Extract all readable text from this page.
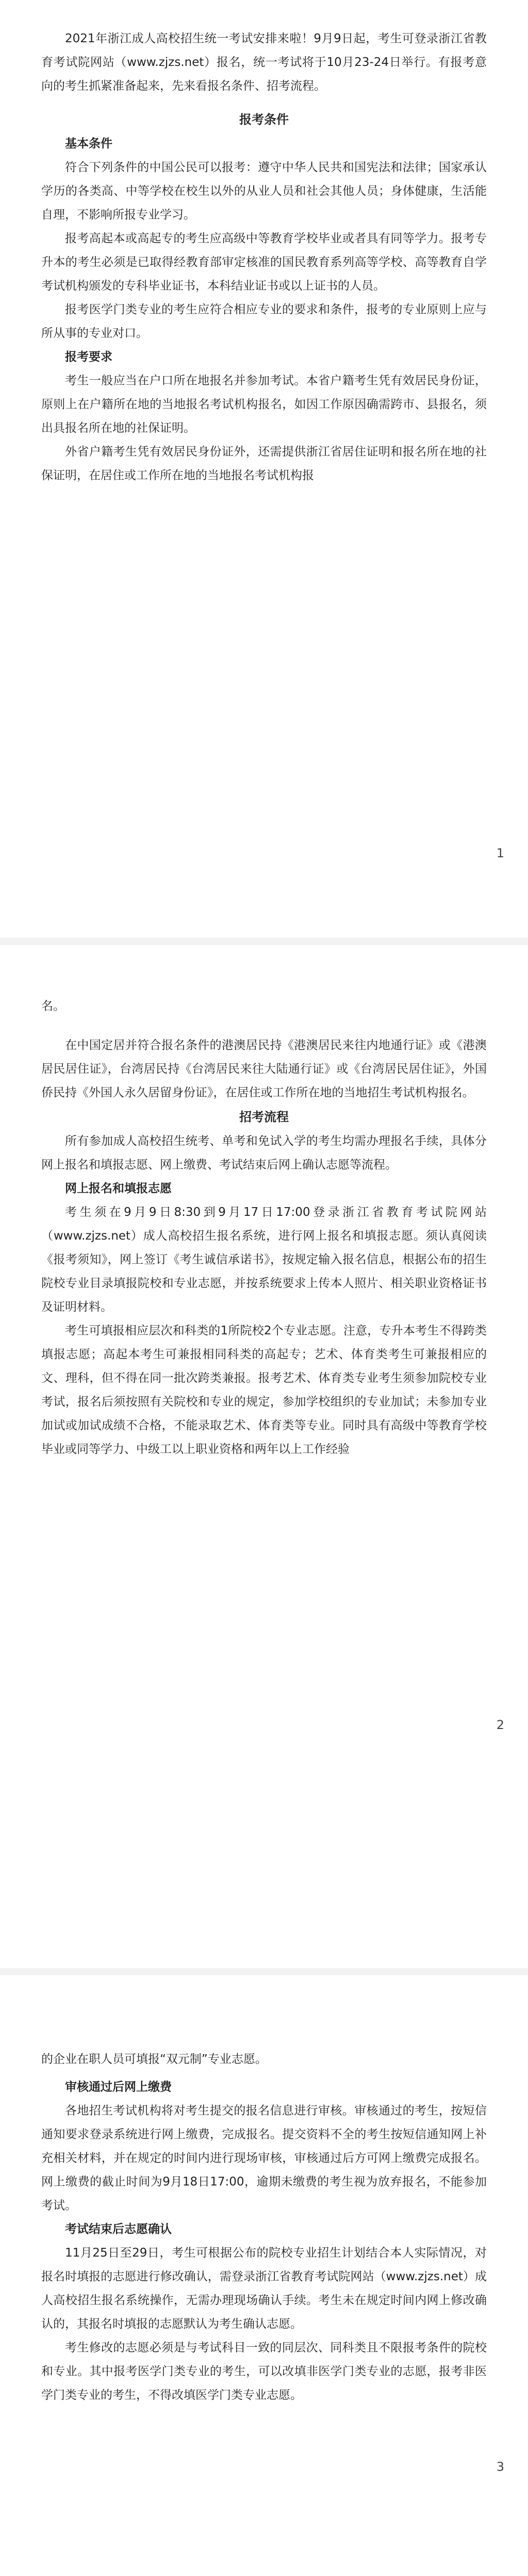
2021年浙江成人高校招生统一考试安排来啦！9月9日起，考生可登录浙江省教育考试院网站（www.zjzs.net）报名，统一考试将于10月23-24日举行。有报考意向的考生抓紧准备起来，先来看报名条件、招考流程。

报考条件

基本条件

符合下列条件的中国公民可以报考：遵守中华人民共和国宪法和法律；国家承认学历的各类高、中等学校在校生以外的从业人员和社会其他人员；身体健康，生活能自理，不影响所报专业学习。

报考高起本或高起专的考生应高级中等教育学校毕业或者具有同等学力。报考专升本的考生必须是已取得经教育部审定核准的国民教育系列高等学校、高等教育自学考试机构颁发的专科毕业证书，本科结业证书或以上证书的人员。

报考医学门类专业的考生应符合相应专业的要求和条件，报考的专业原则上应与所从事的专业对口。

报考要求

考生一般应当在户口所在地报名并参加考试。本省户籍考生凭有效居民身份证，原则上在户籍所在地的当地报名考试机构报名，如因工作原因确需跨市、县报名，须出具报名所在地的社保证明。

外省户籍考生凭有效居民身份证外，还需提供浙江省居住证明和报名所在地的社保证明，在居住或工作所在地的当地报名考试机构报

1

名。

在中国定居并符合报名条件的港澳居民持《港澳居民来往内地通行证》或《港澳居民居住证》，台湾居民持《台湾居民来往大陆通行证》或《台湾居民居住证》，外国侨民持《外国人永久居留身份证》，在居住或工作所在地的当地招生考试机构报名。

招考流程

所有参加成人高校招生统考、单考和免试入学的考生均需办理报名手续，具体分网上报名和填报志愿、网上缴费、考试结束后网上确认志愿等流程。

网上报名和填报志愿

考生须在9月9日8:30到9月17日17:00登录浙江省教育考试院网站（www.zjzs.net）成人高校招生报名系统，进行网上报名和填报志愿。须认真阅读《报考须知》，网上签订《考生诚信承诺书》，按规定输入报名信息，根据公布的招生院校专业目录填报院校和专业志愿，并按系统要求上传本人照片、相关职业资格证书及证明材料。

考生可填报相应层次和科类的1所院校2个专业志愿。注意，专升本考生不得跨类填报志愿；高起本考生可兼报相同科类的高起专；艺术、体育类考生可兼报相应的文、理科，但不得在同一批次跨类兼报。报考艺术、体育类专业考生须参加院校专业考试，报名后须按照有关院校和专业的规定，参加学校组织的专业加试；未参加专业加试或加试成绩不合格，不能录取艺术、体育类等专业。同时具有高级中等教育学校毕业或同等学力、中级工以上职业资格和两年以上工作经验

2

的企业在职人员可填报“双元制”专业志愿。

审核通过后网上缴费

各地招生考试机构将对考生提交的报名信息进行审核。审核通过的考生，按短信通知要求登录系统进行网上缴费，完成报名。提交资料不全的考生按短信通知网上补充相关材料，并在规定的时间内进行现场审核，审核通过后方可网上缴费完成报名。网上缴费的截止时间为9月18日17:00，逾期未缴费的考生视为放弃报名，不能参加考试。

考试结束后志愿确认

11月25日至29日，考生可根据公布的院校专业招生计划结合本人实际情况，对报名时填报的志愿进行修改确认，需登录浙江省教育考试院网站（www.zjzs.net）成人高校招生报名系统操作，无需办理现场确认手续。考生未在规定时间内网上修改确认的，其报名时填报的志愿默认为考生确认志愿。

考生修改的志愿必须是与考试科目一致的同层次、同科类且不限报考条件的院校和专业。其中报考医学门类专业的考生，可以改填非医学门类专业的志愿，报考非医学门类专业的考生，不得改填医学门类专业志愿。

3
